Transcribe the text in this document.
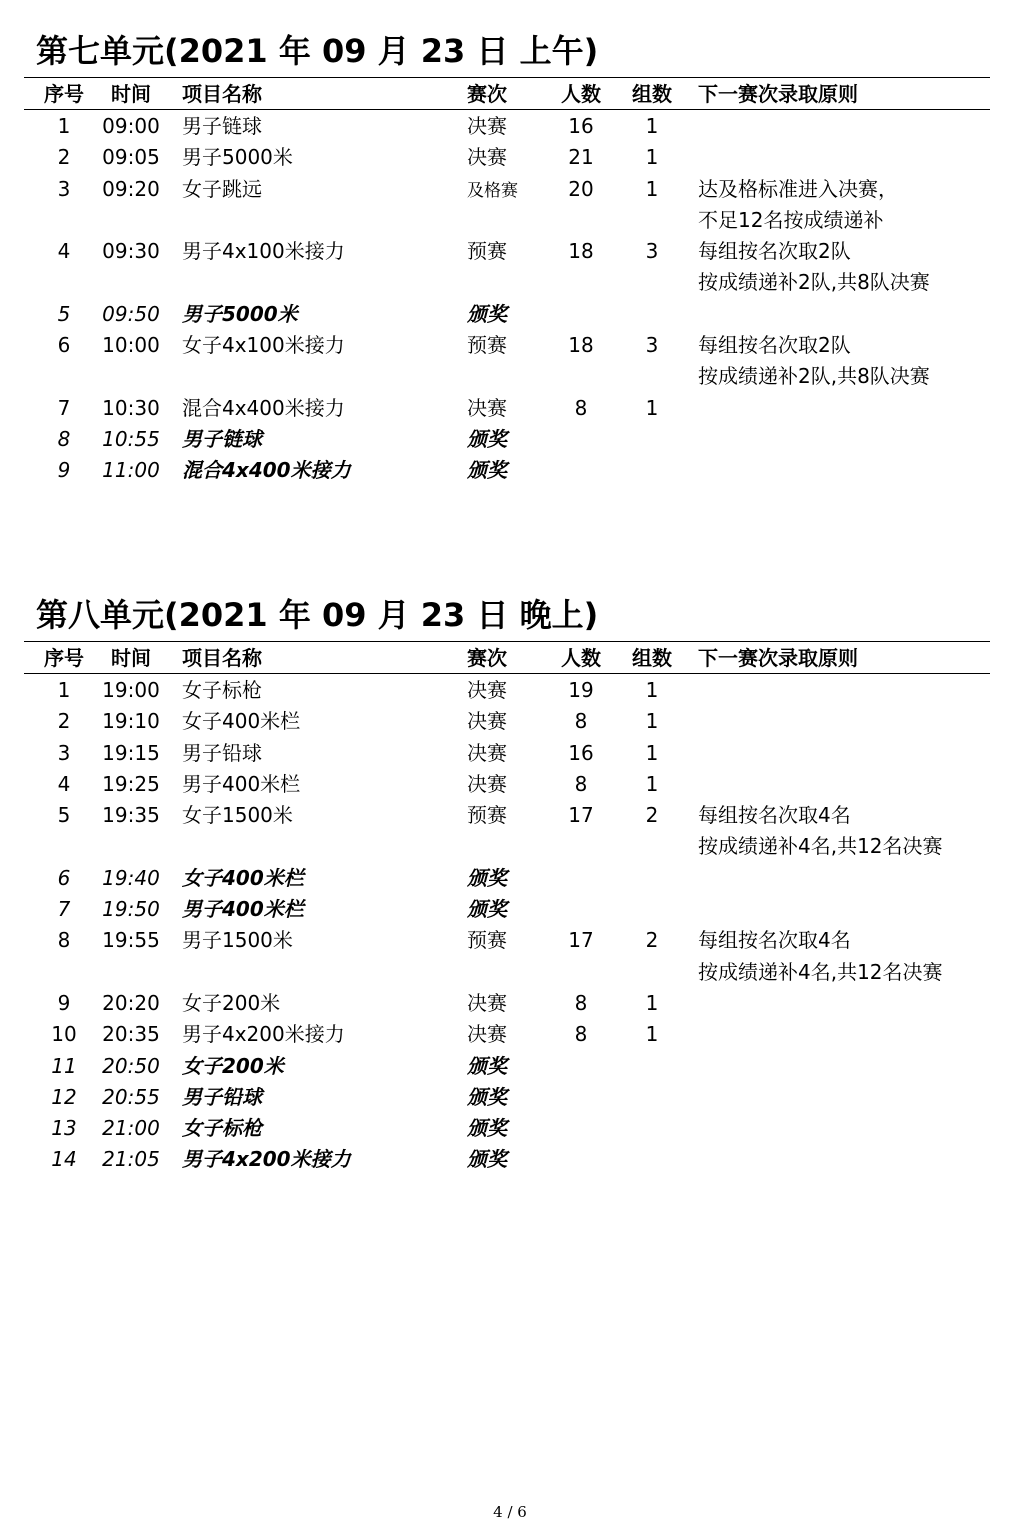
第七单元(2021 年 09 月 23 日 上午)
序号	时间	项目名称	赛次	人数	组数	下一赛次录取原则
1	09:00	男子链球	决赛	16	1
2	09:05	男子5000米	决赛	21	1
3	09:20	女子跳远	及格赛	20	1	达及格标准进入决赛，
不足12名按成绩递补
4	09:30	男子4x100米接力	预赛	18	3	每组按名次取2队
按成绩递补2队,共8队决赛
5	09:50	男子5000米	颁奖
6	10:00	女子4x100米接力	预赛	18	3	每组按名次取2队
按成绩递补2队,共8队决赛
7	10:30	混合4x400米接力	决赛	8	1
8	10:55	男子链球	颁奖
9	11:00	混合4x400米接力	颁奖
第八单元(2021 年 09 月 23 日 晚上)
序号	时间	项目名称	赛次	人数	组数	下一赛次录取原则
1	19:00	女子标枪	决赛	19	1
2	19:10	女子400米栏	决赛	8	1
3	19:15	男子铅球	决赛	16	1
4	19:25	男子400米栏	决赛	8	1
5	19:35	女子1500米	预赛	17	2	每组按名次取4名
按成绩递补4名,共12名决赛
6	19:40	女子400米栏	颁奖
7	19:50	男子400米栏	颁奖
8	19:55	男子1500米	预赛	17	2	每组按名次取4名
按成绩递补4名,共12名决赛
9	20:20	女子200米	决赛	8	1
10	20:35	男子4x200米接力	决赛	8	1
11	20:50	女子200米	颁奖
12	20:55	男子铅球	颁奖
13	21:00	女子标枪	颁奖
14	21:05	男子4x200米接力	颁奖
4 / 6
